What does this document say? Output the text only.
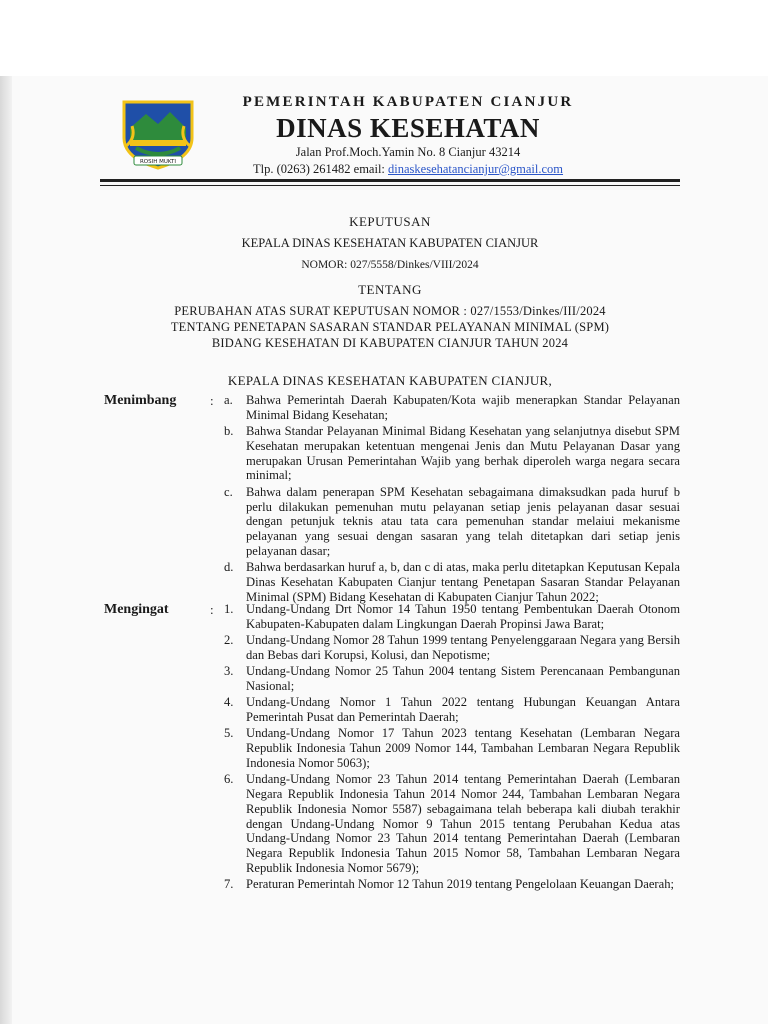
ROSIH MUKTI

PEMERINTAH KABUPATEN CIANJUR

DINAS KESEHATAN

Jalan Prof.Moch.Yamin No. 8 Cianjur 43214

Tlp. (0263) 261482 email: dinaskesehatancianjur@gmail.com

KEPUTUSAN

KEPALA DINAS KESEHATAN KABUPATEN CIANJUR

NOMOR: 027/5558/Dinkes/VIII/2024

TENTANG

PERUBAHAN ATAS SURAT KEPUTUSAN NOMOR : 027/1553/Dinkes/III/2024
TENTANG PENETAPAN SASARAN STANDAR PELAYANAN MINIMAL (SPM)
BIDANG KESEHATAN DI KABUPATEN CIANJUR TAHUN 2024

KEPALA DINAS KESEHATAN KABUPATEN CIANJUR,

Menimbang	: a. Bahwa Pemerintah Daerah Kabupaten/Kota wajib menerapkan Standar Pelayanan Minimal Bidang Kesehatan;
b. Bahwa Standar Pelayanan Minimal Bidang Kesehatan yang selanjutnya disebut SPM Kesehatan merupakan ketentuan mengenai Jenis dan Mutu Pelayanan Dasar yang merupakan Urusan Pemerintahan Wajib yang berhak diperoleh warga negara secara minimal;
c. Bahwa dalam penerapan SPM Kesehatan sebagaimana dimaksudkan pada huruf b perlu dilakukan pemenuhan mutu pelayanan setiap jenis pelayanan dasar sesuai dengan petunjuk teknis atau tata cara pemenuhan standar melaiui mekanisme pelayanan yang sesuai dengan sasaran yang telah ditetapkan dari setiap jenis pelayanan dasar;
d. Bahwa berdasarkan huruf a, b, dan c di atas, maka perlu ditetapkan Keputusan Kepala Dinas Kesehatan Kabupaten Cianjur tentang Penetapan Sasaran Standar Pelayanan Minimal (SPM) Bidang Kesehatan di Kabupaten Cianjur Tahun 2022;
Mengingat	: 1. Undang-Undang Drt Nomor 14 Tahun 1950 tentang Pembentukan Daerah Otonom Kabupaten-Kabupaten dalam Lingkungan Daerah Propinsi Jawa Barat;
2. Undang-Undang Nomor 28 Tahun 1999 tentang Penyelenggaraan Negara yang Bersih dan Bebas dari Korupsi, Kolusi, dan Nepotisme;
3. Undang-Undang Nomor 25 Tahun 2004 tentang Sistem Perencanaan Pembangunan Nasional;
4. Undang-Undang Nomor 1 Tahun 2022 tentang Hubungan Keuangan Antara Pemerintah Pusat dan Pemerintah Daerah;
5. Undang-Undang Nomor 17 Tahun 2023 tentang Kesehatan (Lembaran Negara Republik Indonesia Tahun 2009 Nomor 144, Tambahan Lembaran Negara Republik Indonesia Nomor 5063);
6. Undang-Undang Nomor 23 Tahun 2014 tentang Pemerintahan Daerah (Lembaran Negara Republik Indonesia Tahun 2014 Nomor 244, Tambahan Lembaran Negara Republik Indonesia Nomor 5587) sebagaimana telah beberapa kali diubah terakhir dengan Undang-Undang Nomor 9 Tahun 2015 tentang Perubahan Kedua atas Undang-Undang Nomor 23 Tahun 2014 tentang Pemerintahan Daerah (Lembaran Negara Republik Indonesia Tahun 2015 Nomor 58, Tambahan Lembaran Negara Republik Indonesia Nomor 5679);
7. Peraturan Pemerintah Nomor 12 Tahun 2019 tentang Pengelolaan Keuangan Daerah;
